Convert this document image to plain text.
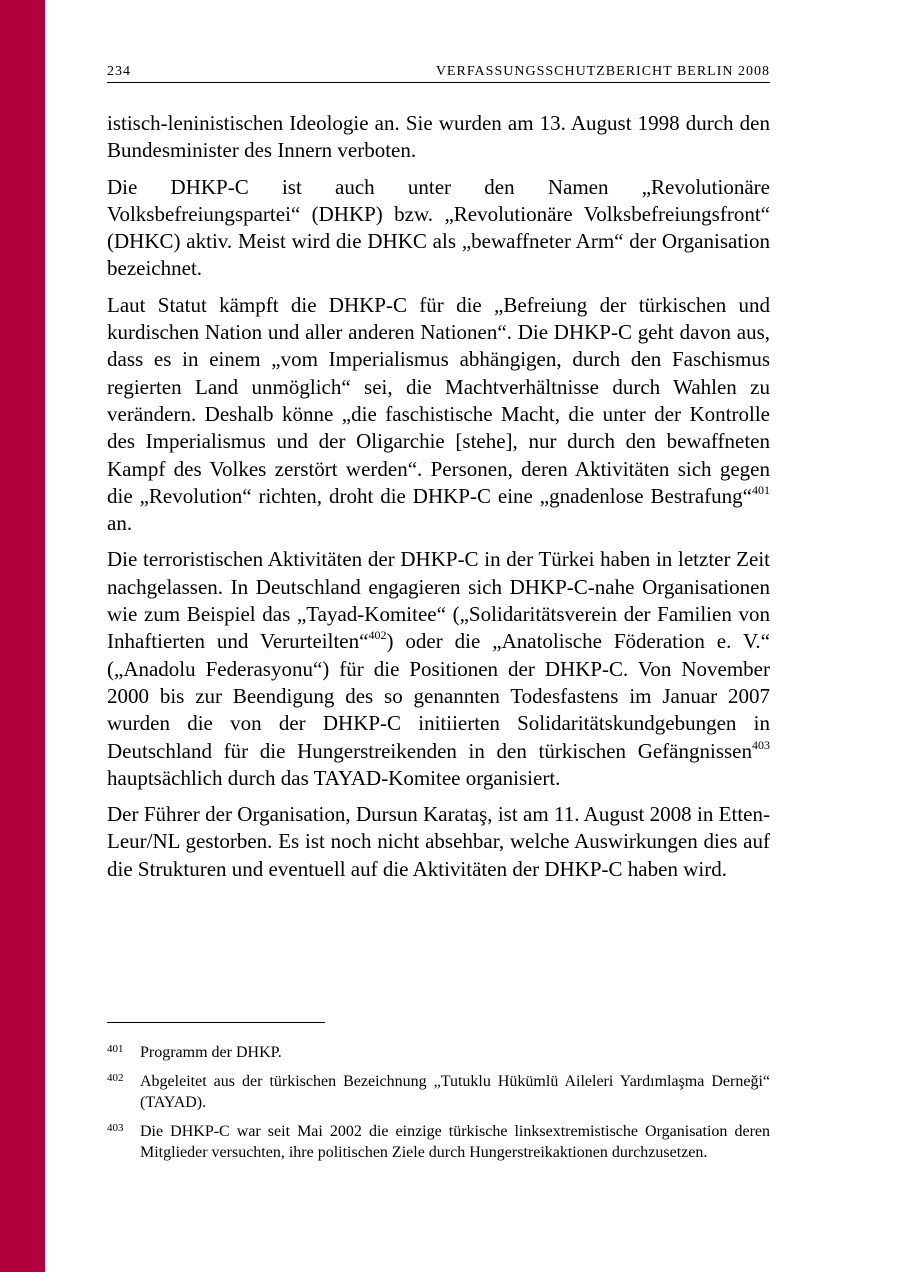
234	VERFASSUNGSSCHUTZBERICHT BERLIN 2008

istisch-leninistischen Ideologie an. Sie wurden am 13. August 1998 durch den Bundesminister des Innern verboten.

Die DHKP-C ist auch unter den Namen „Revolutionäre Volksbefreiungspartei“ (DHKP) bzw. „Revolutionäre Volksbefreiungsfront“ (DHKC) aktiv. Meist wird die DHKC als „bewaffneter Arm“ der Organisation bezeichnet.

Laut Statut kämpft die DHKP-C für die „Befreiung der türkischen und kurdischen Nation und aller anderen Nationen“. Die DHKP-C geht davon aus, dass es in einem „vom Imperialismus abhängigen, durch den Faschismus regierten Land unmöglich“ sei, die Machtverhältnisse durch Wahlen zu verändern. Deshalb könne „die faschistische Macht, die unter der Kontrolle des Imperialismus und der Oligarchie [stehe], nur durch den bewaffneten Kampf des Volkes zerstört werden“. Personen, deren Aktivitäten sich gegen die „Revolution“ richten, droht die DHKP-C eine „gnadenlose Bestrafung“$^{401}$ an.

Die terroristischen Aktivitäten der DHKP-C in der Türkei haben in letzter Zeit nachgelassen. In Deutschland engagieren sich DHKP-C-nahe Organisationen wie zum Beispiel das „Tayad-Komitee“ („Solidaritätsverein der Familien von Inhaftierten und Verurteilten“$^{402}$) oder die „Anatolische Föderation e. V.“ („Anadolu Federasyonu“) für die Positionen der DHKP-C. Von November 2000 bis zur Beendigung des so genannten Todesfastens im Januar 2007 wurden die von der DHKP-C initiierten Solidaritätskundgebungen in Deutschland für die Hungerstreikenden in den türkischen Gefängnissen$^{403}$ hauptsächlich durch das TAYAD-Komitee organisiert.

Der Führer der Organisation, Dursun Karataş, ist am 11. August 2008 in Etten-Leur/NL gestorben. Es ist noch nicht absehbar, welche Auswirkungen dies auf die Strukturen und eventuell auf die Aktivitäten der DHKP-C haben wird.

401 Programm der DHKP.
402 Abgeleitet aus der türkischen Bezeichnung „Tutuklu Hükümlü Aileleri Yardımlaşma Derneği“ (TAYAD).
403 Die DHKP-C war seit Mai 2002 die einzige türkische linksextremistische Organisation deren Mitglieder versuchten, ihre politischen Ziele durch Hungerstreikaktionen durchzusetzen.
